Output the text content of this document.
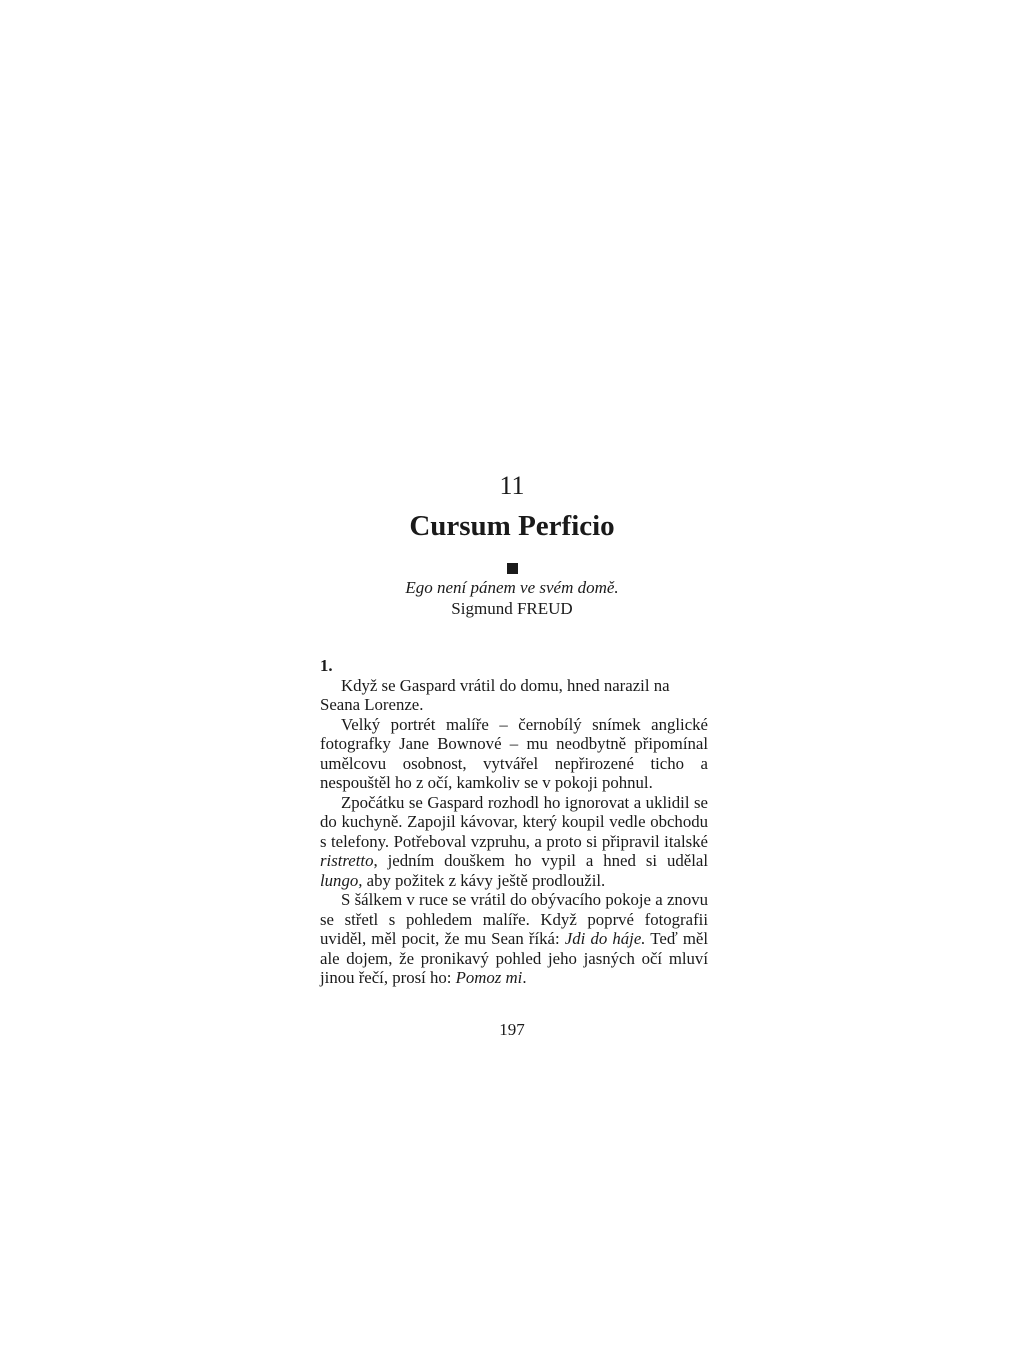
11
Cursum Perficio
Ego není pánem ve svém domě.
Sigmund FREUD

1.

Když se Gaspard vrátil do domu, hned narazil na Seana Lorenze.

Velký portrét malíře – černobílý snímek anglické fotografky Jane Bownové – mu neodbytně připomínal umělcovu osobnost, vytvářel nepřirozené ticho a nespouštěl ho z očí, kamkoliv se v pokoji pohnul.

Zpočátku se Gaspard rozhodl ho ignorovat a uklidil se do kuchyně. Zapojil kávovar, který koupil vedle obchodu s telefony. Potřeboval vzpruhu, a proto si připravil italské ristretto, jedním douškem ho vypil a hned si udělal lungo, aby požitek z kávy ještě prodloužil.

S šálkem v ruce se vrátil do obývacího pokoje a znovu se střetl s pohledem malíře. Když poprvé fotografii uviděl, měl pocit, že mu Sean říká: Jdi do háje. Teď měl ale dojem, že pronikavý pohled jeho jasných očí mluví jinou řečí, prosí ho: Pomoz mi.

197
